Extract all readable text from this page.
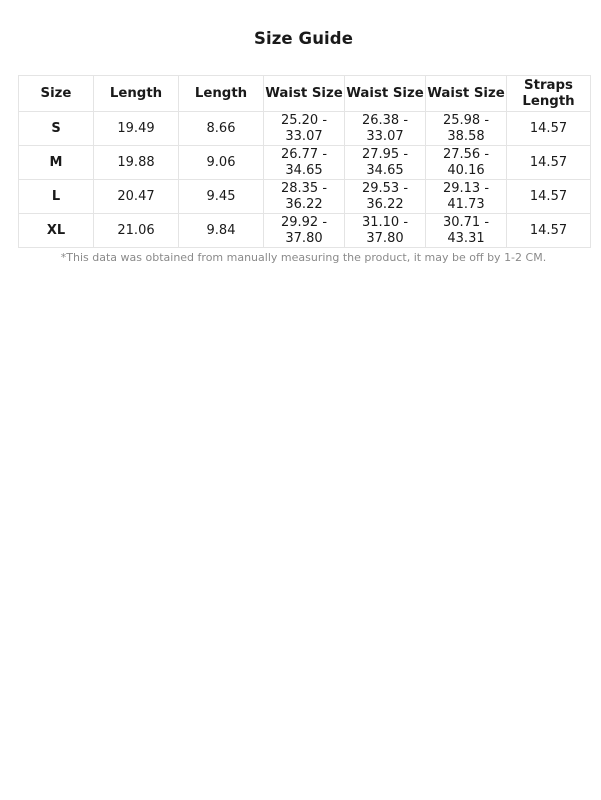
Size Guide
Size	Length	Length	Waist Size	Waist Size	Waist Size	Straps Length
S	19.49	8.66	25.20 - 33.07	26.38 - 33.07	25.98 - 38.58	14.57
M	19.88	9.06	26.77 - 34.65	27.95 - 34.65	27.56 - 40.16	14.57
L	20.47	9.45	28.35 - 36.22	29.53 - 36.22	29.13 - 41.73	14.57
XL	21.06	9.84	29.92 - 37.80	31.10 - 37.80	30.71 - 43.31	14.57
*This data was obtained from manually measuring the product, it may be off by 1-2 CM.
